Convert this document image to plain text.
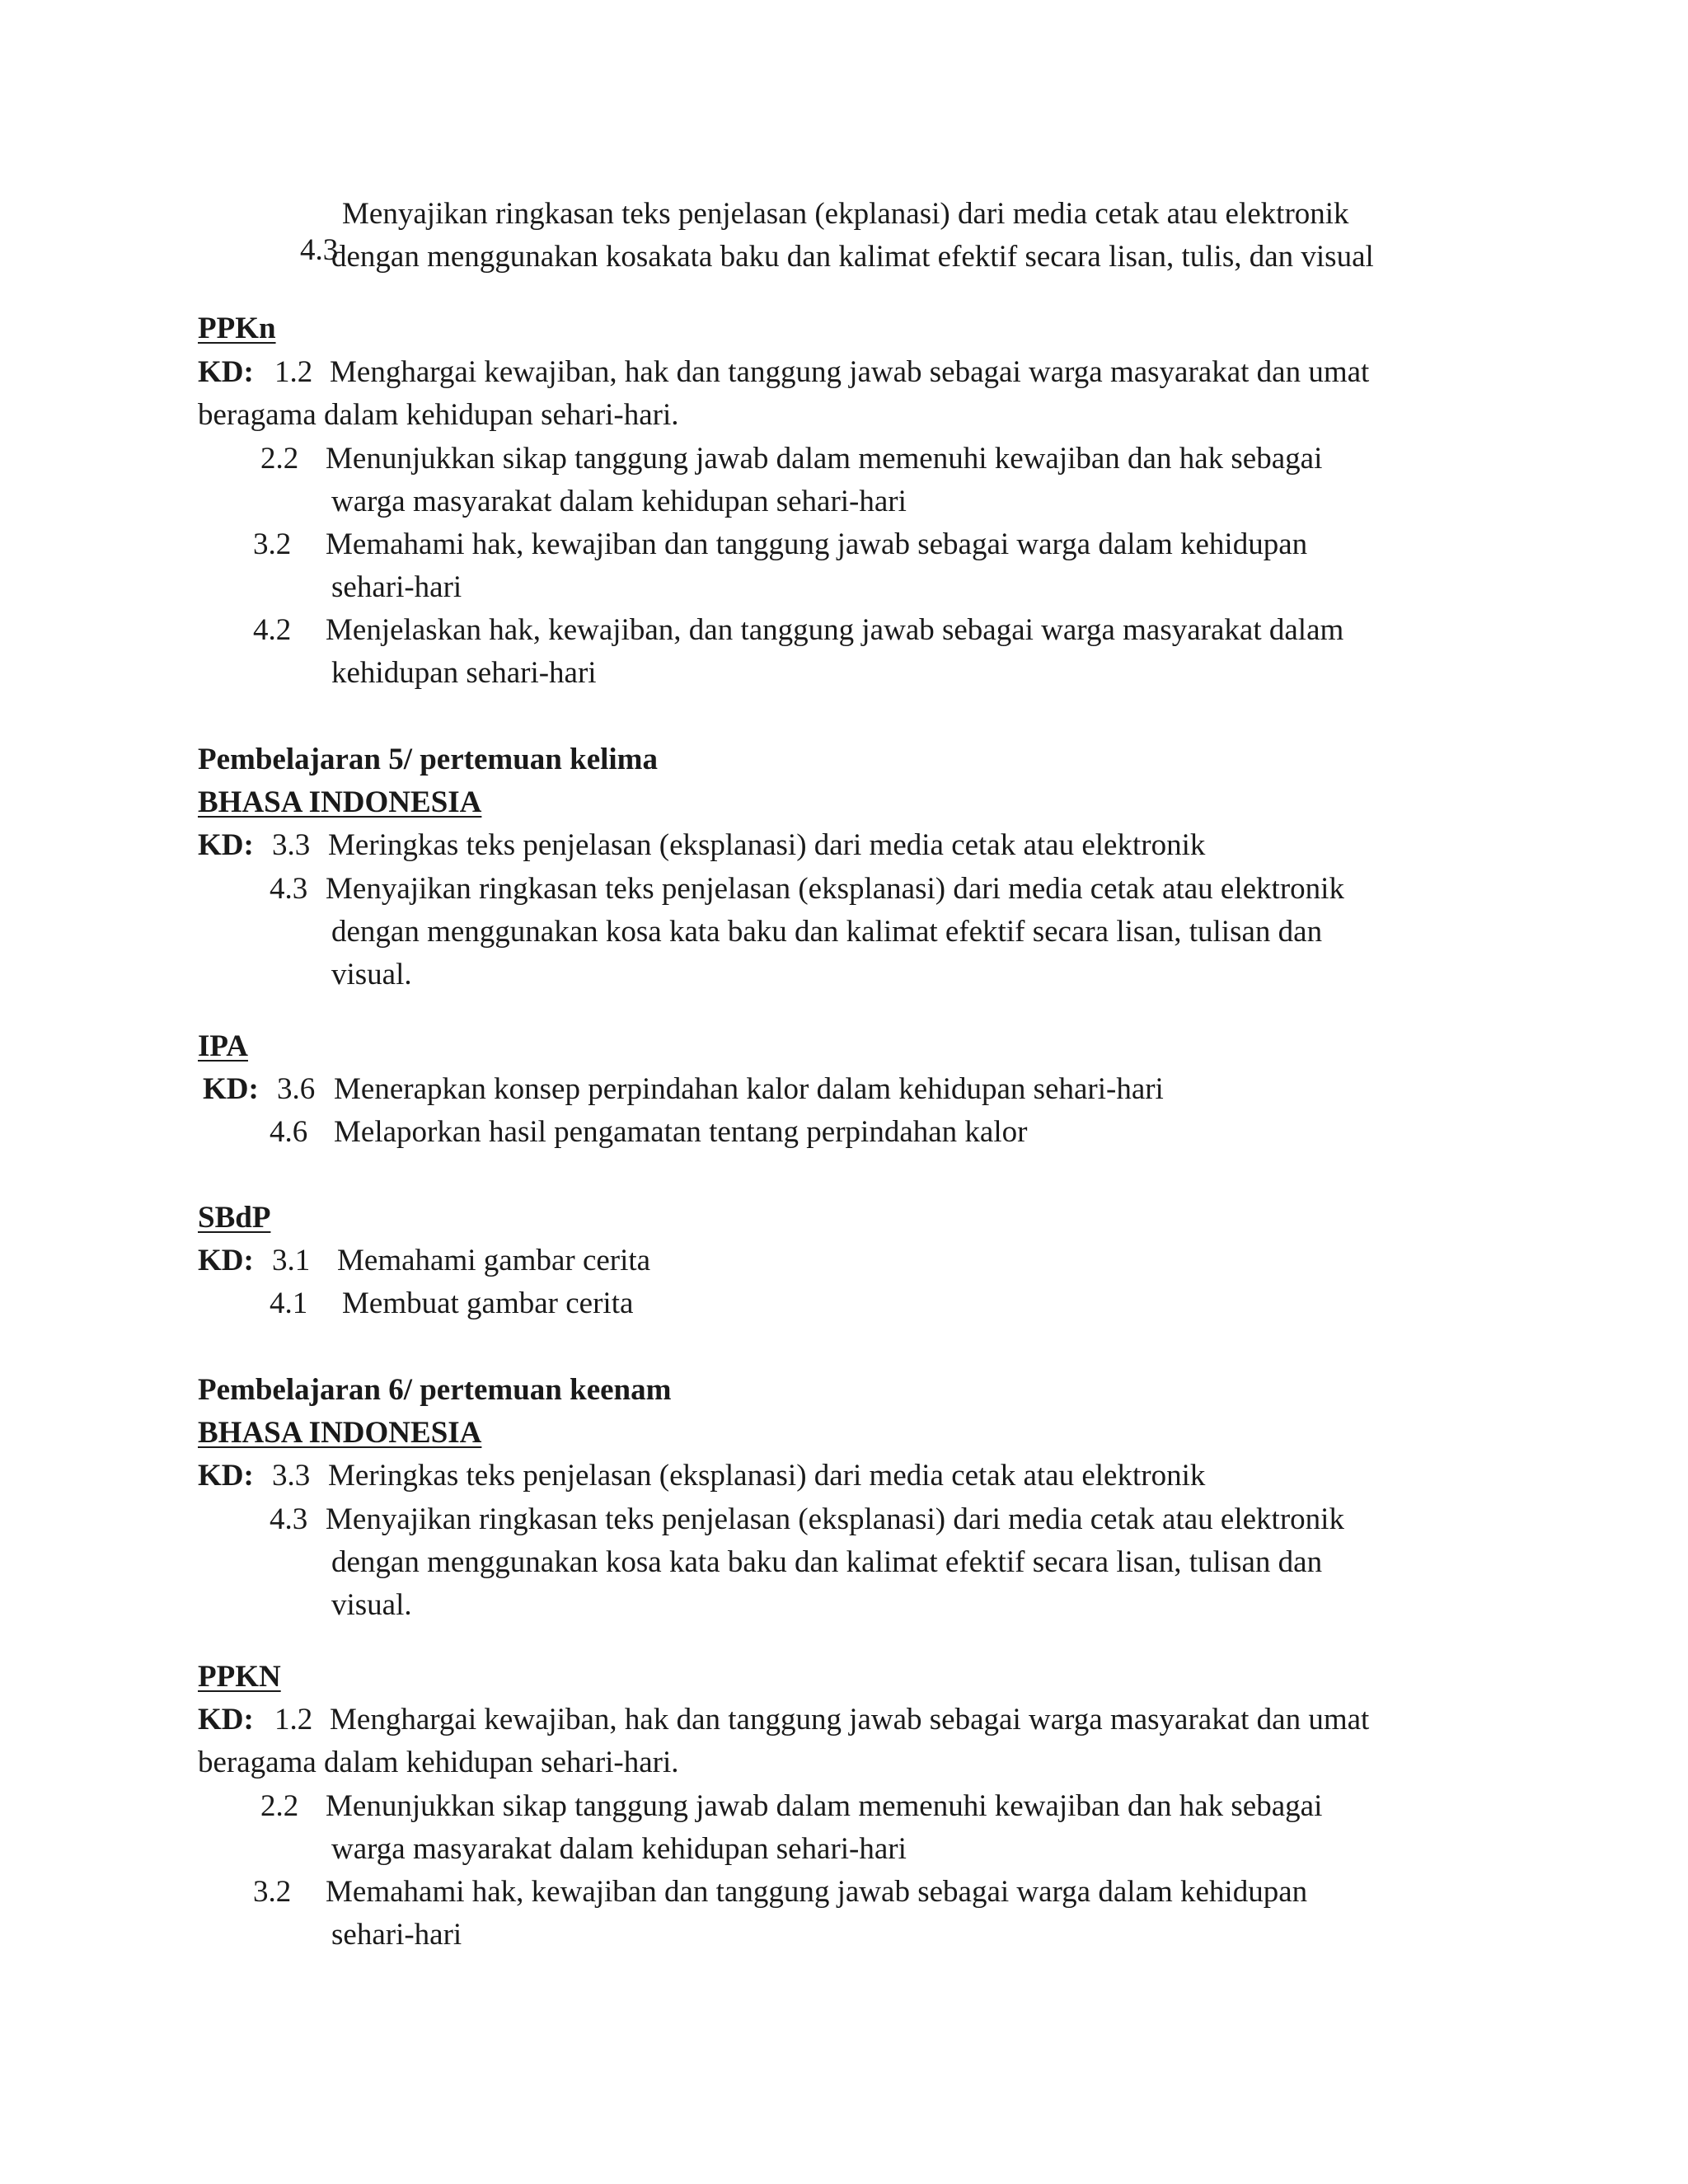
4.3

Menyajikan ringkasan teks penjelasan (ekplanasi) dari media cetak atau elektronik
dengan menggunakan kosakata baku dan kalimat efektif secara lisan, tulis, dan visual
PPKn
KD: 1.2 Menghargai kewajiban, hak dan tanggung jawab sebagai warga masyarakat dan umat
beragama dalam kehidupan sehari-hari.
2.2 Menunjukkan sikap tanggung jawab dalam memenuhi kewajiban dan hak sebagai
warga masyarakat dalam kehidupan sehari-hari
3.2 Memahami hak, kewajiban dan tanggung jawab sebagai warga dalam kehidupan
sehari-hari
4.2 Menjelaskan hak, kewajiban, dan tanggung jawab sebagai warga masyarakat dalam
kehidupan sehari-hari
Pembelajaran 5/ pertemuan kelima
BHASA INDONESIA
KD: 3.3 Meringkas teks penjelasan (eksplanasi) dari media cetak atau elektronik
4.3 Menyajikan ringkasan teks penjelasan (eksplanasi) dari media cetak atau elektronik
dengan menggunakan kosa kata baku dan kalimat efektif secara lisan, tulisan dan
visual.
IPA
KD: 3.6 Menerapkan konsep perpindahan kalor dalam kehidupan sehari-hari
4.6 Melaporkan hasil pengamatan tentang perpindahan kalor
SBdP
KD: 3.1 Memahami gambar cerita
4.1 Membuat gambar cerita
Pembelajaran 6/ pertemuan keenam
BHASA INDONESIA
KD: 3.3 Meringkas teks penjelasan (eksplanasi) dari media cetak atau elektronik
4.3 Menyajikan ringkasan teks penjelasan (eksplanasi) dari media cetak atau elektronik
dengan menggunakan kosa kata baku dan kalimat efektif secara lisan, tulisan dan
visual.
PPKN
KD: 1.2 Menghargai kewajiban, hak dan tanggung jawab sebagai warga masyarakat dan umat
beragama dalam kehidupan sehari-hari.
2.2 Menunjukkan sikap tanggung jawab dalam memenuhi kewajiban dan hak sebagai
warga masyarakat dalam kehidupan sehari-hari
3.2 Memahami hak, kewajiban dan tanggung jawab sebagai warga dalam kehidupan
sehari-hari
